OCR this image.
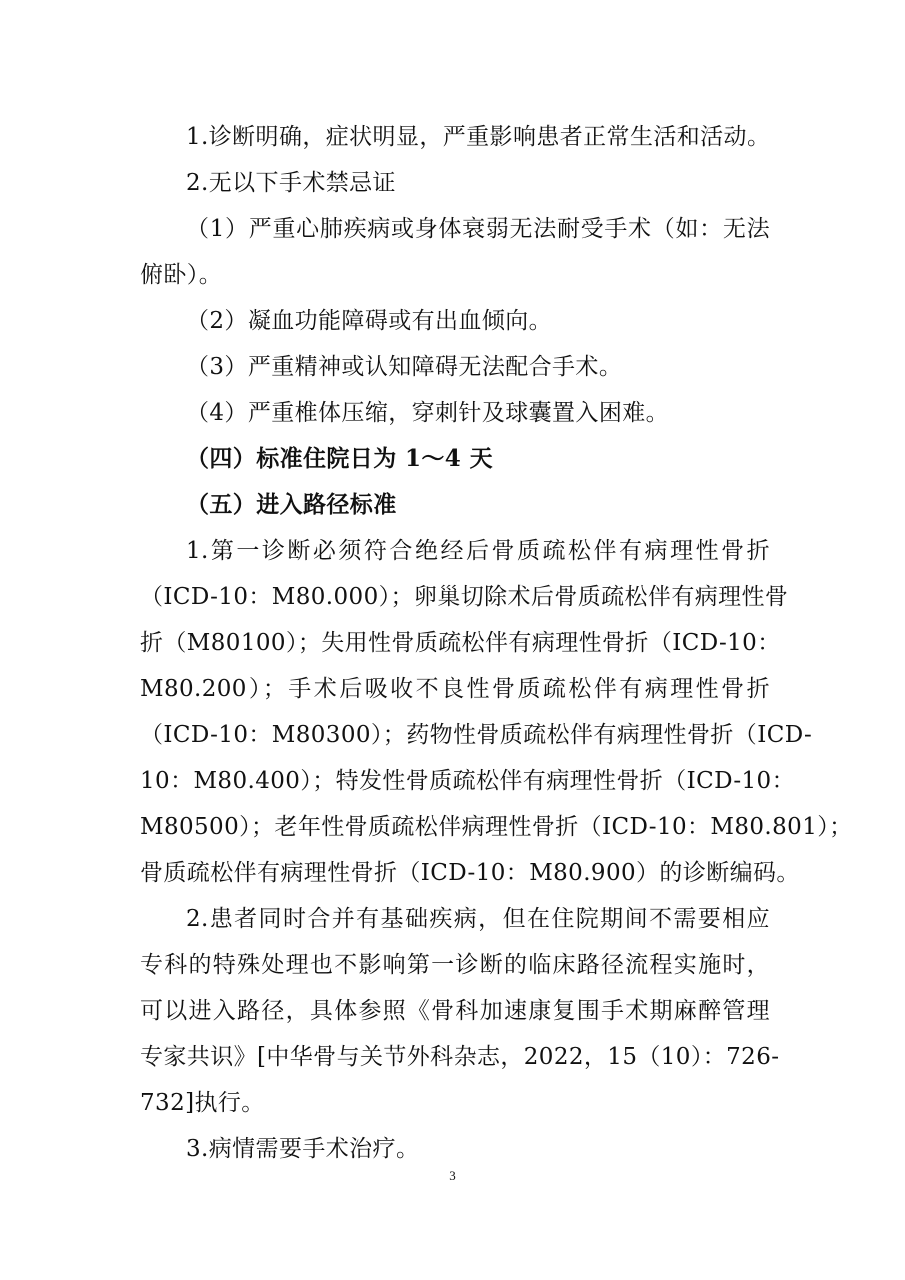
1.诊断明确，症状明显，严重影响患者正常生活和活动。
2.无以下手术禁忌证
（1）严重心肺疾病或身体衰弱无法耐受手术（如：无法
俯卧）。
（2）凝血功能障碍或有出血倾向。
（3）严重精神或认知障碍无法配合手术。
（4）严重椎体压缩，穿刺针及球囊置入困难。
（四）标准住院日为 1～4 天
（五）进入路径标准
1.第一诊断必须符合绝经后骨质疏松伴有病理性骨折
（ICD-10：M80.000）；卵巢切除术后骨质疏松伴有病理性骨
折（M80100）；失用性骨质疏松伴有病理性骨折（ICD-10：
M80.200）；手术后吸收不良性骨质疏松伴有病理性骨折
（ICD-10：M80300）；药物性骨质疏松伴有病理性骨折（ICD-
10：M80.400）；特发性骨质疏松伴有病理性骨折（ICD-10：
M80500）；老年性骨质疏松伴病理性骨折（ICD-10：M80.801）；
骨质疏松伴有病理性骨折（ICD-10：M80.900）的诊断编码。
2.患者同时合并有基础疾病，但在住院期间不需要相应
专科的特殊处理也不影响第一诊断的临床路径流程实施时，
可以进入路径，具体参照《骨科加速康复围手术期麻醉管理
专家共识》[中华骨与关节外科杂志，2022，15（10）：726-
732]执行。
3.病情需要手术治疗。
3
